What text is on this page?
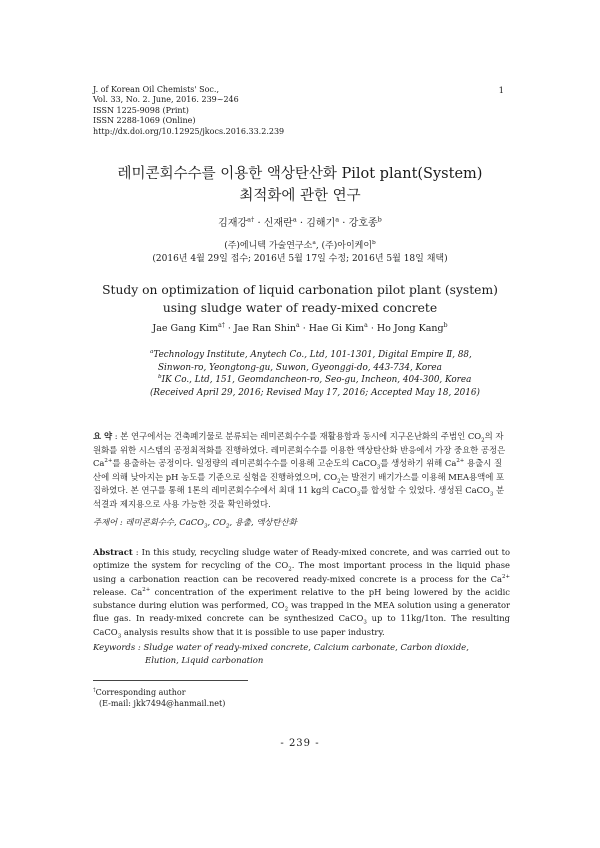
1
J. of Korean Oil Chemists' Soc.,
Vol. 33, No. 2. June, 2016. 239~246
ISSN 1225-9098 (Print)
ISSN 2288-1069 (Online)
http://dx.doi.org/10.12925/jkocs.2016.33.2.239
레미콘회수수를 이용한 액상탄산화 Pilot plant(System)
최적화에 관한 연구
김재강$^{a\dagger}$ · 신재란$^a$ · 김해기$^a$ · 강호종$^b$
(주)에니텍 가술연구소$^a$, (주)아이케이$^b$
(2016년 4월 29일 접수; 2016년 5월 17일 수정; 2016년 5월 18일 채택)
Study on optimization of liquid carbonation pilot plant (system)
using sludge water of ready-mixed concrete
Jae Gang Kim$^{a\dagger}$ · Jae Ran Shin$^a$ · Hae Gi Kim$^a$ · Ho Jong Kang$^b$
$^a$Technology Institute, Anytech Co., Ltd, 101-1301, Digital Empire Ⅱ, 88,
Sinwon-ro, Yeongtong-gu, Suwon, Gyeonggi-do, 443-734, Korea
$^b$IK Co., Ltd, 151, Geomdancheon-ro, Seo-gu, Incheon, 404-300, Korea
(Received April 29, 2016; Revised May 17, 2016; Accepted May 18, 2016)
요 약 : 본 연구에서는 건축폐기물로 분류되는 레미콘회수수를 재활용함과 동시에 지구온난화의 주범인 $CO_2$의 자원화를 위한 시스템의 공정최적화를 진행하였다. 레미콘회수수를 이용한 액상탄산화 반응에서 가장 중요한 공정은 $Ca^{2+}$를 용출하는 공정이다. 일정량의 레미콘회수수를 이용해 고순도의 CaCO$_3$를 생성하기 위해 $Ca^{2+}$ 용출시 질산에 의해 낮아지는 pH 농도를 기준으로 실험을 진행하였으며, $CO_2$는 발전기 배기가스를 이용해 MEA용액에 포집하였다. 본 연구를 통해 1톤의 레미콘회수수에서 최대 11 kg의 CaCO$_3$를 합성할 수 있었다. 생성된 CaCO$_3$ 분석결과 제지용으로 사용 가능한 것을 확인하였다.
주제어 : 레미콘회수수, CaCO$_3$, $CO_2$, 용출, 액상탄산화
Abstract : In this study, recycling sludge water of Ready-mixed concrete, and was carried out to optimize the system for recycling of the $CO_2$. The most important process in the liquid phase using a carbonation reaction can be recovered ready-mixed concrete is a process for the $Ca^{2+}$ release. $Ca^{2+}$ concentration of the experiment relative to the pH being lowered by the acidic substance during elution was performed, $CO_2$ was trapped in the MEA solution using a generator flue gas. In ready-mixed concrete can be synthesized CaCO$_3$ up to 11kg/1ton. The resulting CaCO$_3$ analysis results show that it is possible to use paper industry.
Keywords : Sludge water of ready-mixed concrete, Calcium carbonate, Carbon dioxide,
Elution, Liquid carbonation
†Corresponding author
(E-mail: jkk7494@hanmail.net)
- 239 -
